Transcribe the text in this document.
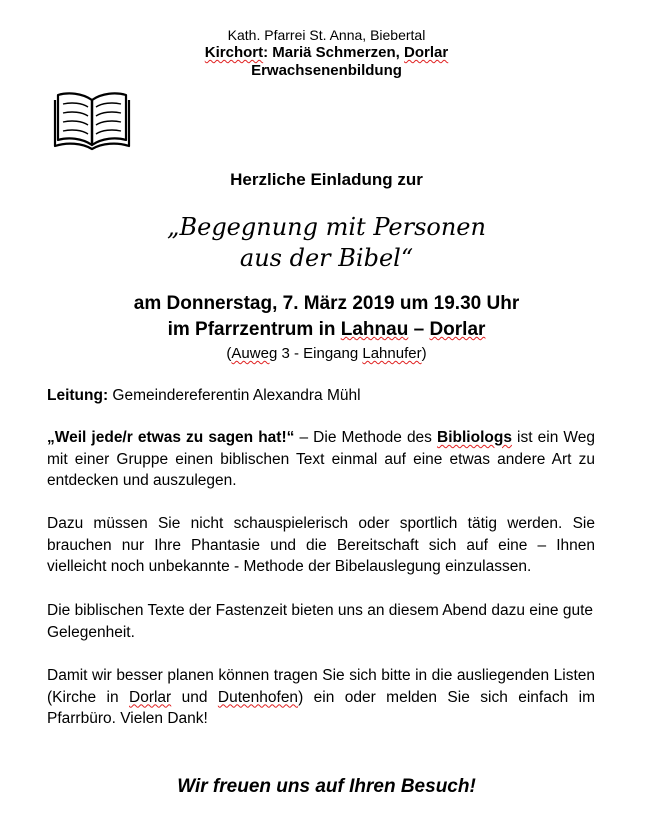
Kath. Pfarrei St. Anna, Biebertal
Kirchort: Mariä Schmerzen, Dorlar
Erwachsenenbildung
Herzliche Einladung zur
„Begegnung mit Personen
aus der Bibel“
am Donnerstag, 7. März 2019 um 19.30 Uhr
im Pfarrzentrum in Lahnau – Dorlar
(Auweg 3 - Eingang Lahnufer)
Leitung: Gemeindereferentin Alexandra Mühl
„Weil jede/r etwas zu sagen hat!“ – Die Methode des Bibliologs ist ein Weg mit einer Gruppe einen biblischen Text einmal auf eine etwas andere Art zu entdecken und auszulegen.
Dazu müssen Sie nicht schauspielerisch oder sportlich tätig werden. Sie brauchen nur Ihre Phantasie und die Bereitschaft sich auf eine – Ihnen vielleicht noch unbekannte - Methode der Bibelauslegung einzulassen.
Die biblischen Texte der Fastenzeit bieten uns an diesem Abend dazu eine gute Gelegenheit.
Damit wir besser planen können tragen Sie sich bitte in die ausliegenden Listen (Kirche in Dorlar und Dutenhofen) ein oder melden Sie sich einfach im Pfarrbüro. Vielen Dank!
Wir freuen uns auf Ihren Besuch!
